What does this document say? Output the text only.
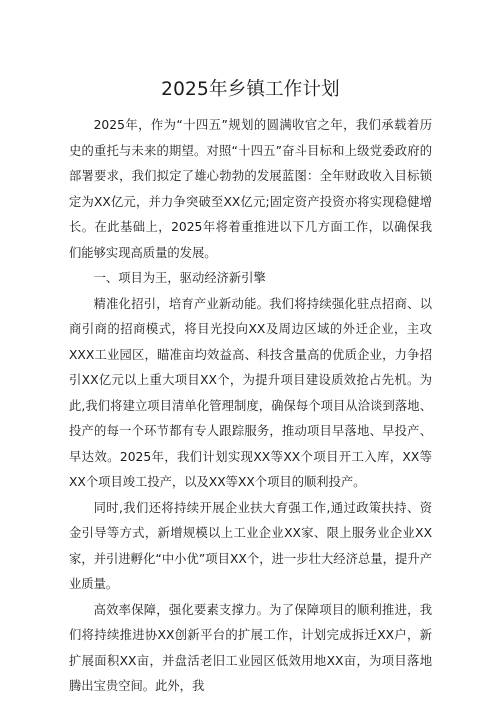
2025年乡镇工作计划

2025年，作为“十四五”规划的圆满收官之年，我们承载着历史的重托与未来的期望。对照“十四五”奋斗目标和上级党委政府的部署要求，我们拟定了雄心勃勃的发展蓝图：全年财政收入目标锁定为XX亿元，并力争突破至XX亿元;固定资产投资亦将实现稳健增长。在此基础上，2025年将着重推进以下几方面工作，以确保我们能够实现高质量的发展。

一、项目为王，驱动经济新引擎

精准化招引，培育产业新动能。我们将持续强化驻点招商、以商引商的招商模式，将目光投向XX及周边区域的外迁企业，主攻XXX工业园区，瞄准亩均效益高、科技含量高的优质企业，力争招引XX亿元以上重大项目XX个，为提升项目建设质效抢占先机。为此,我们将建立项目清单化管理制度，确保每个项目从洽谈到落地、投产的每一个环节都有专人跟踪服务，推动项目早落地、早投产、早达效。2025年，我们计划实现XX等XX个项目开工入库，XX等XX个项目竣工投产，以及XX等XX个项目的顺利投产。

同时,我们还将持续开展企业扶大育强工作,通过政策扶持、资金引导等方式，新增规模以上工业企业XX家、限上服务业企业XX家，并引进孵化“中小优”项目XX个，进一步壮大经济总量，提升产业质量。

高效率保障，强化要素支撑力。为了保障项目的顺利推进，我们将持续推进协XX创新平台的扩展工作，计划完成拆迁XX户，新扩展面积XX亩，并盘活老旧工业园区低效用地XX亩，为项目落地腾出宝贵空间。此外，我
